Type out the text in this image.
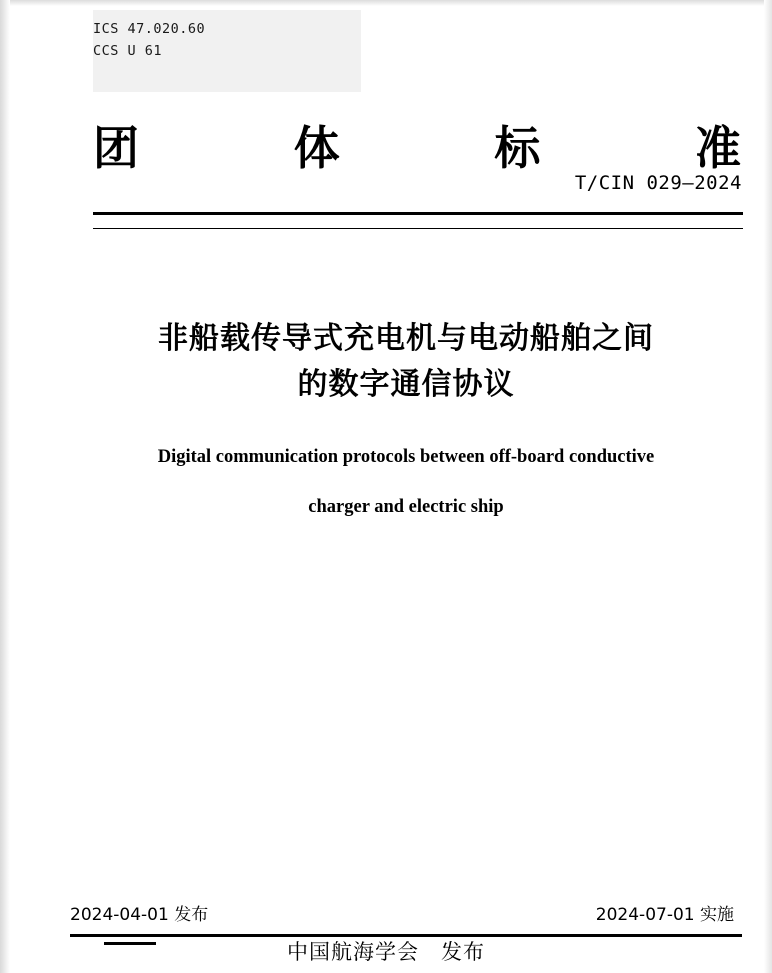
ICS 47.020.60
CCS U 61
团	体	标	准
T/CIN 029—2024
非船载传导式充电机与电动船舶之间
的数字通信协议
Digital communication protocols between off-board conductive
charger and electric ship
2024-04-01 发布	2024-07-01 实施
中国航海学会 发布
